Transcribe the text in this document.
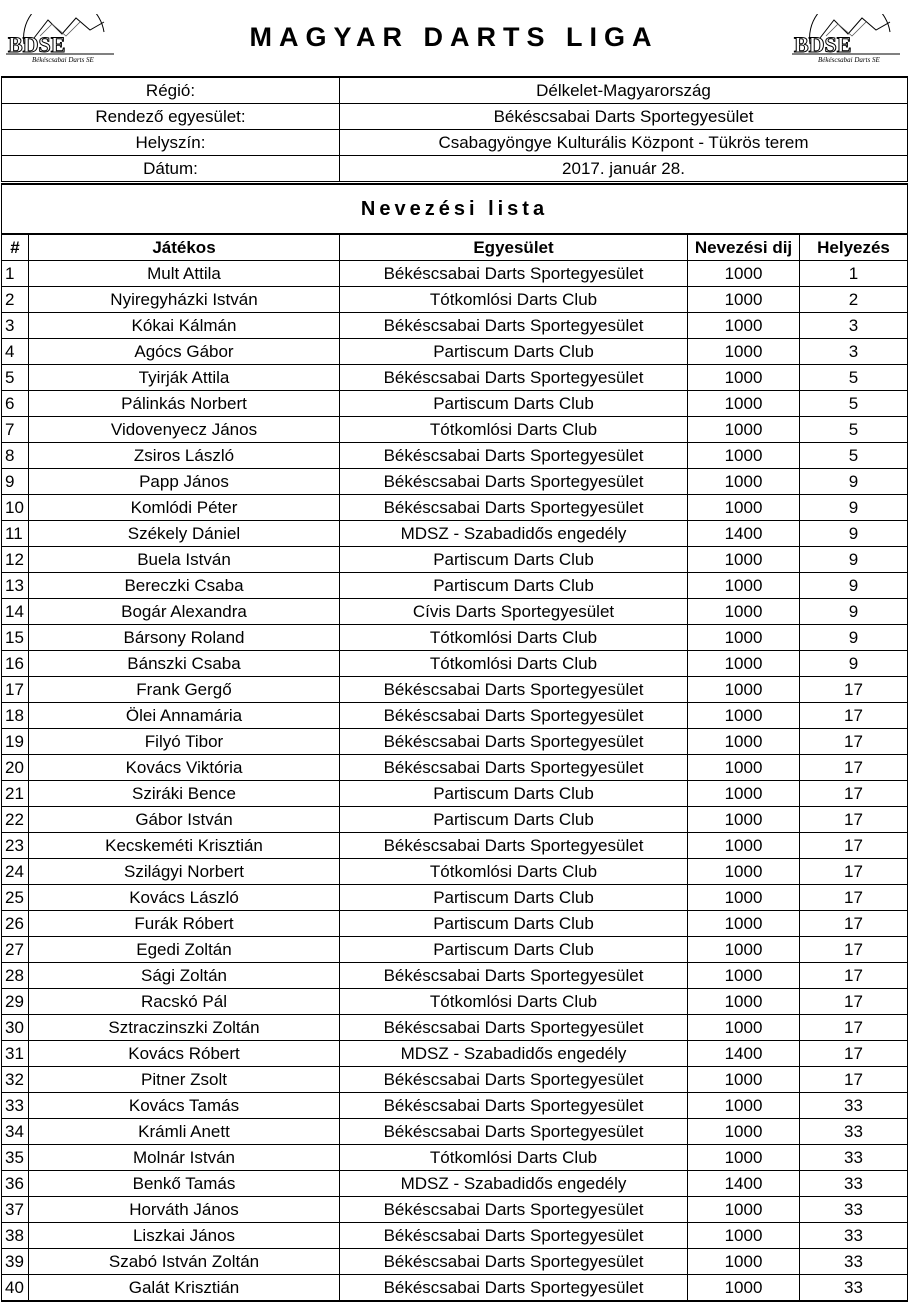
BDSE
Békéscsabai Darts SE
MAGYAR DARTS LIGA	BDSE
Békéscsabai Darts SE
Régió:	Délkelet-Magyarország
Rendező egyesület:	Békéscsabai Darts Sportegyesület
Helyszín:	Csabagyöngye Kulturális Központ - Tükrös terem
Dátum:	2017. január 28.
Nevezési lista
#	Játékos	Egyesület	Nevezési dij	Helyezés
1	Mult Attila	Békéscsabai Darts Sportegyesület	1000	1
2	Nyiregyházki István	Tótkomlósi Darts Club	1000	2
3	Kókai Kálmán	Békéscsabai Darts Sportegyesület	1000	3
4	Agócs Gábor	Partiscum Darts Club	1000	3
5	Tyirják Attila	Békéscsabai Darts Sportegyesület	1000	5
6	Pálinkás Norbert	Partiscum Darts Club	1000	5
7	Vidovenyecz János	Tótkomlósi Darts Club	1000	5
8	Zsiros László	Békéscsabai Darts Sportegyesület	1000	5
9	Papp János	Békéscsabai Darts Sportegyesület	1000	9
10	Komlódi Péter	Békéscsabai Darts Sportegyesület	1000	9
11	Székely Dániel	MDSZ - Szabadidős engedély	1400	9
12	Buela István	Partiscum Darts Club	1000	9
13	Bereczki Csaba	Partiscum Darts Club	1000	9
14	Bogár Alexandra	Cívis Darts Sportegyesület	1000	9
15	Bársony Roland	Tótkomlósi Darts Club	1000	9
16	Bánszki Csaba	Tótkomlósi Darts Club	1000	9
17	Frank Gergő	Békéscsabai Darts Sportegyesület	1000	17
18	Ölei Annamária	Békéscsabai Darts Sportegyesület	1000	17
19	Filyó Tibor	Békéscsabai Darts Sportegyesület	1000	17
20	Kovács Viktória	Békéscsabai Darts Sportegyesület	1000	17
21	Sziráki Bence	Partiscum Darts Club	1000	17
22	Gábor István	Partiscum Darts Club	1000	17
23	Kecskeméti Krisztián	Békéscsabai Darts Sportegyesület	1000	17
24	Szilágyi Norbert	Tótkomlósi Darts Club	1000	17
25	Kovács László	Partiscum Darts Club	1000	17
26	Furák Róbert	Partiscum Darts Club	1000	17
27	Egedi Zoltán	Partiscum Darts Club	1000	17
28	Sági Zoltán	Békéscsabai Darts Sportegyesület	1000	17
29	Racskó Pál	Tótkomlósi Darts Club	1000	17
30	Sztraczinszki Zoltán	Békéscsabai Darts Sportegyesület	1000	17
31	Kovács Róbert	MDSZ - Szabadidős engedély	1400	17
32	Pitner Zsolt	Békéscsabai Darts Sportegyesület	1000	17
33	Kovács Tamás	Békéscsabai Darts Sportegyesület	1000	33
34	Krámli Anett	Békéscsabai Darts Sportegyesület	1000	33
35	Molnár István	Tótkomlósi Darts Club	1000	33
36	Benkő Tamás	MDSZ - Szabadidős engedély	1400	33
37	Horváth János	Békéscsabai Darts Sportegyesület	1000	33
38	Liszkai János	Békéscsabai Darts Sportegyesület	1000	33
39	Szabó István Zoltán	Békéscsabai Darts Sportegyesület	1000	33
40	Galát Krisztián	Békéscsabai Darts Sportegyesület	1000	33
